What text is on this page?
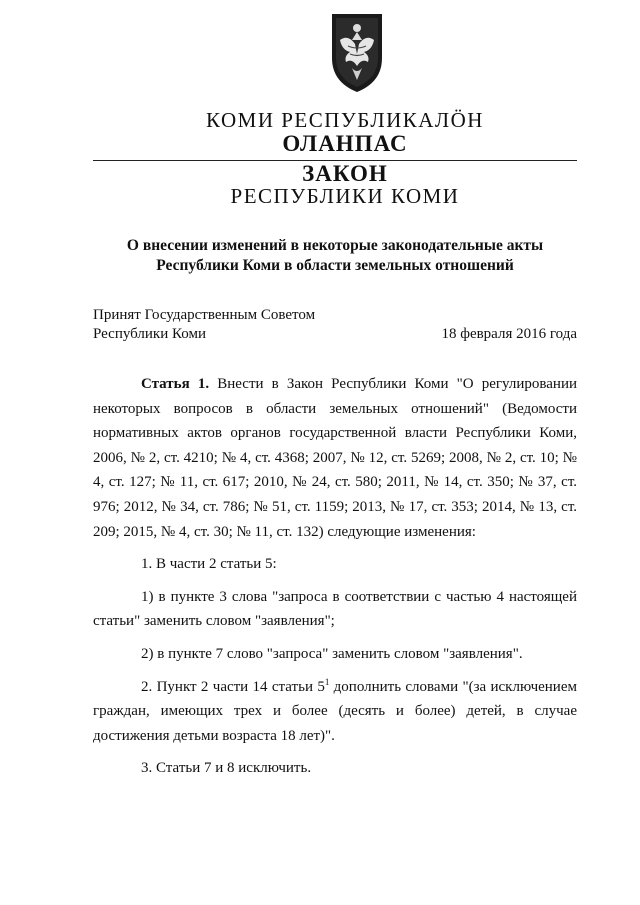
КОМИ РЕСПУБЛИКАЛÖН
ОЛАНПАС
ЗАКОН
РЕСПУБЛИКИ КОМИ
О внесении изменений в некоторые законодательные акты
Республики Коми в области земельных отношений
Принят Государственным Советом
Республики Коми	18 февраля 2016 года

Статья 1. Внести в Закон Республики Коми "О регулировании некоторых вопросов в области земельных отношений" (Ведомости нормативных актов органов государственной власти Республики Коми, 2006, № 2, ст. 4210; № 4, ст. 4368; 2007, № 12, ст. 5269; 2008, № 2, ст. 10; № 4, ст. 127; № 11, ст. 617; 2010, № 24, ст. 580; 2011, № 14, ст. 350; № 37, ст. 976; 2012, № 34, ст. 786; № 51, ст. 1159; 2013, № 17, ст. 353; 2014, № 13, ст. 209; 2015, № 4, ст. 30; № 11, ст. 132) следующие изменения:

1. В части 2 статьи 5:

1) в пункте 3 слова "запроса в соответствии с частью 4 настоящей статьи" заменить словом "заявления";

2) в пункте 7 слово "запроса" заменить словом "заявления".

2. Пункт 2 части 14 статьи $5^1$ дополнить словами "(за исключением граждан, имеющих трех и более (десять и более) детей, в случае достижения детьми возраста 18 лет)".

3. Статьи 7 и 8 исключить.
